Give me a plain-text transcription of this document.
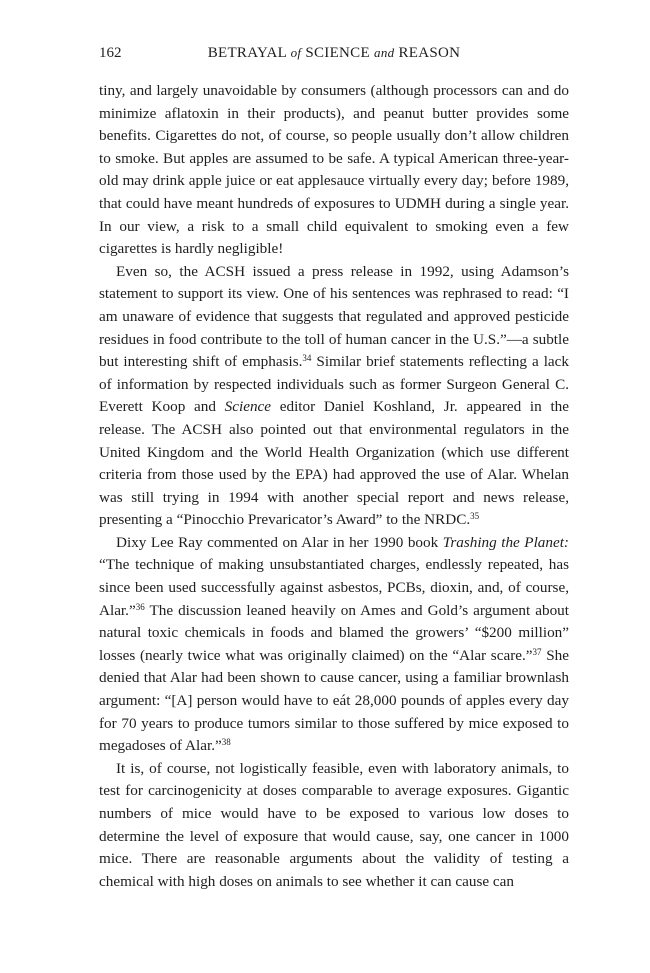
162	BETRAYAL of SCIENCE and REASON

tiny, and largely unavoidable by consumers (although processors can and do minimize aflatoxin in their products), and peanut butter provides some benefits. Cigarettes do not, of course, so people usually don’t allow children to smoke. But apples are assumed to be safe. A typical American three-year-old may drink apple juice or eat applesauce virtually every day; before 1989, that could have meant hundreds of exposures to UDMH during a single year. In our view, a risk to a small child equivalent to smoking even a few cigarettes is hardly negligible!

Even so, the ACSH issued a press release in 1992, using Adamson’s statement to support its view. One of his sentences was rephrased to read: “I am unaware of evidence that suggests that regulated and approved pesticide residues in food contribute to the toll of human cancer in the U.S.”—a subtle but interesting shift of emphasis.$^{34}$ Similar brief statements reflecting a lack of information by respected individuals such as former Surgeon General C. Everett Koop and Science editor Daniel Koshland, Jr. appeared in the release. The ACSH also pointed out that environmental regulators in the United Kingdom and the World Health Organization (which use different criteria from those used by the EPA) had approved the use of Alar. Whelan was still trying in 1994 with another special report and news release, presenting a “Pinocchio Prevaricator’s Award” to the NRDC.$^{35}$

Dixy Lee Ray commented on Alar in her 1990 book Trashing the Planet: “The technique of making unsubstantiated charges, endlessly repeated, has since been used successfully against asbestos, PCBs, dioxin, and, of course, Alar.”$^{36}$ The discussion leaned heavily on Ames and Gold’s argument about natural toxic chemicals in foods and blamed the growers’ “$200 million” losses (nearly twice what was originally claimed) on the “Alar scare.”$^{37}$ She denied that Alar had been shown to cause cancer, using a familiar brownlash argument: “[A] person would have to eát 28,000 pounds of apples every day for 70 years to produce tumors similar to those suffered by mice exposed to megadoses of Alar.”$^{38}$

It is, of course, not logistically feasible, even with laboratory animals, to test for carcinogenicity at doses comparable to average exposures. Gigantic numbers of mice would have to be exposed to various low doses to determine the level of exposure that would cause, say, one cancer in 1000 mice. There are reasonable arguments about the validity of testing a chemical with high doses on animals to see whether it can cause can
